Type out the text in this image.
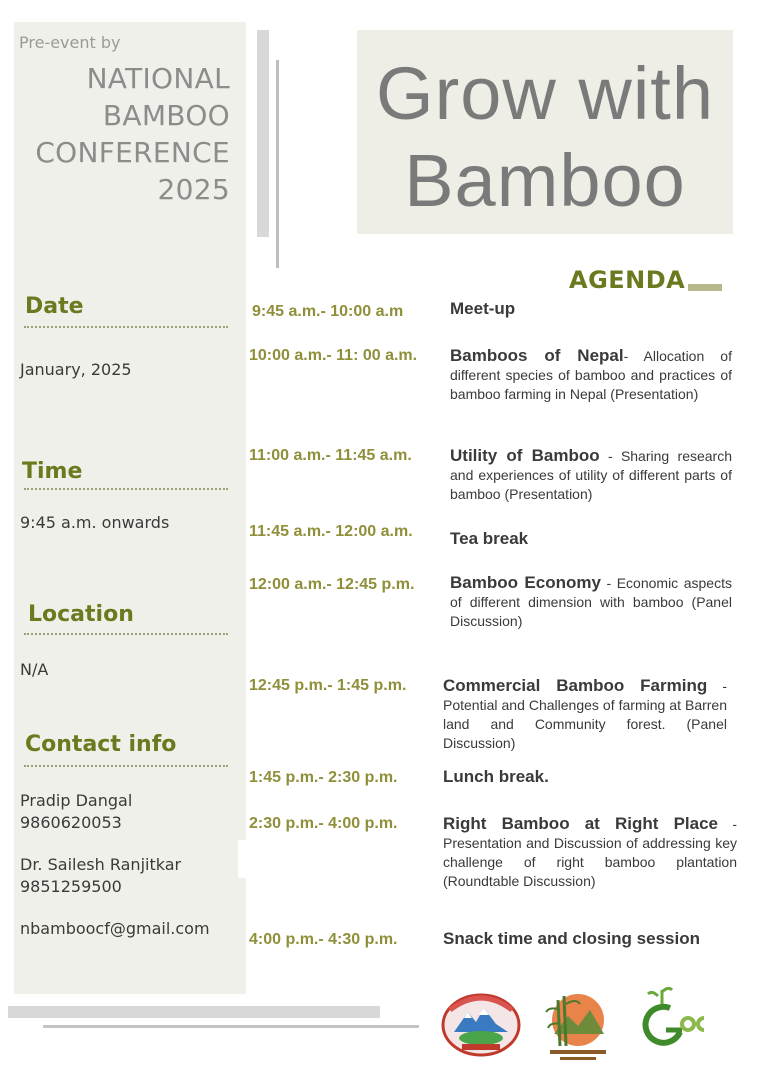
Pre-event by
NATIONAL
BAMBOO
CONFERENCE
2025
Date
January, 2025
Time
9:45 a.m. onwards
Location
N/A
Contact info
Pradip Dangal
9860620053
Dr. Sailesh Ranjitkar
9851259500
nbamboocf@gmail.com
Grow with
Bamboo
AGENDA
9:45 a.m.- 10:00 a.m	Meet-up
10:00 a.m.- 11: 00 a.m. Bamboos of Nepal- Allocation of different species of bamboo and practices of bamboo farming in Nepal (Presentation)
11:00 a.m.- 11:45 a.m. Utility of Bamboo - Sharing research and experiences of utility of different parts of bamboo (Presentation)
11:45 a.m.- 12:00 a.m. Tea break
12:00 a.m.- 12:45 p.m. Bamboo Economy - Economic aspects of different dimension with bamboo (Panel Discussion)
12:45 p.m.- 1:45 p.m. Commercial Bamboo Farming - Potential and Challenges of farming at Barren land and Community forest. (Panel Discussion)
1:45 p.m.- 2:30 p.m.	Lunch break.
2:30 p.m.- 4:00 p.m.	Right Bamboo at Right Place - Presentation and Discussion of addressing key challenge of right bamboo plantation (Roundtable Discussion)
4:00 p.m.- 4:30 p.m.	Snack time and closing session
